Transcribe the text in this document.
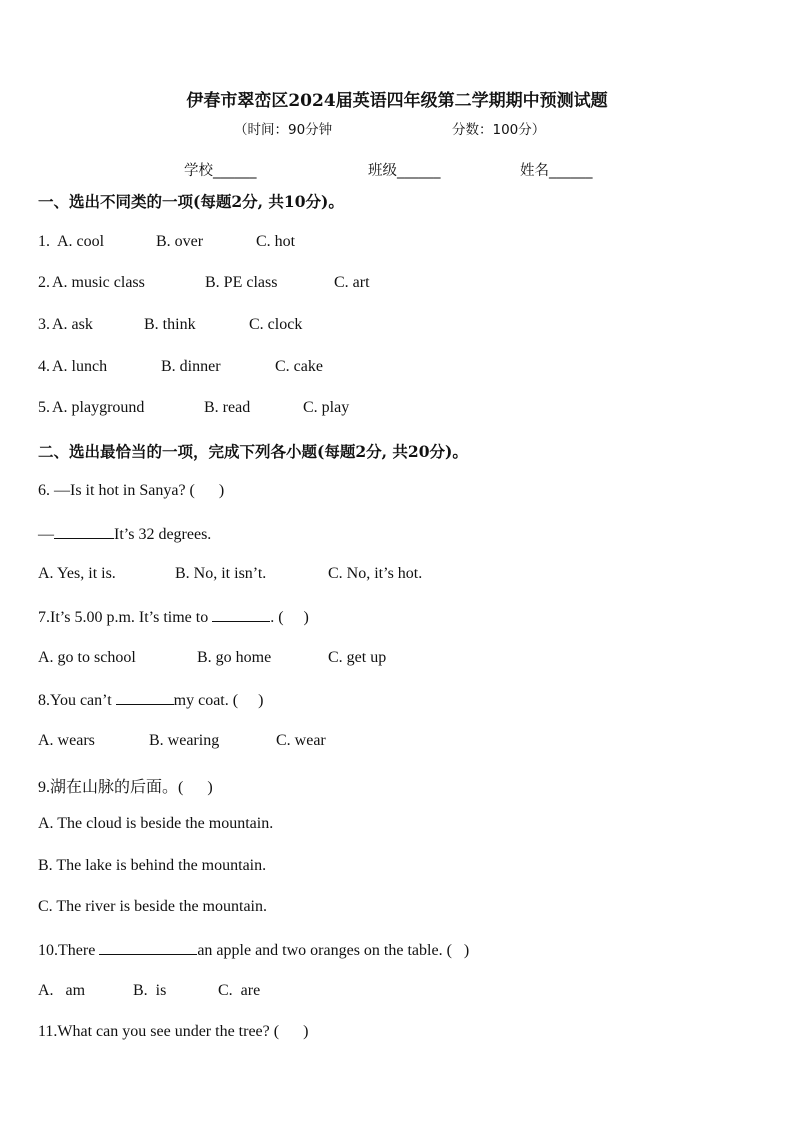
伊春市翠峦区2024届英语四年级第二学期期中预测试题
（时间：90分钟	分数：100分）
学校______	班级______	姓名______
一、选出不同类的一项(每题2分, 共10分)。
1. A. cool	B. over	C. hot
2. A. music class	B. PE class	C. art
3. A. ask	B. think	C. clock
4. A. lunch	B. dinner	C. cake
5. A. playground	B. read	C. play
二、选出最恰当的一项，完成下列各小题(每题2分, 共20分)。
6. —Is it hot in Sanya? (      )
—	It’s 32 degrees.
A. Yes, it is.	B. No, it isn’t.	C. No, it’s hot.
7.It’s 5.00 p.m. It’s time to	. (     )
A. go to school	B. go home	C. get up
8.You can’t	my coat. (     )
A. wears	B. wearing	C. wear
9.湖在山脉的后面。(      )
A. The cloud is beside the mountain.
B. The lake is behind the mountain.
C. The river is beside the mountain.
10.There	an apple and two oranges on the table. (   )
A.   am	B.  is	C.  are
11.What can you see under the tree? (      )
